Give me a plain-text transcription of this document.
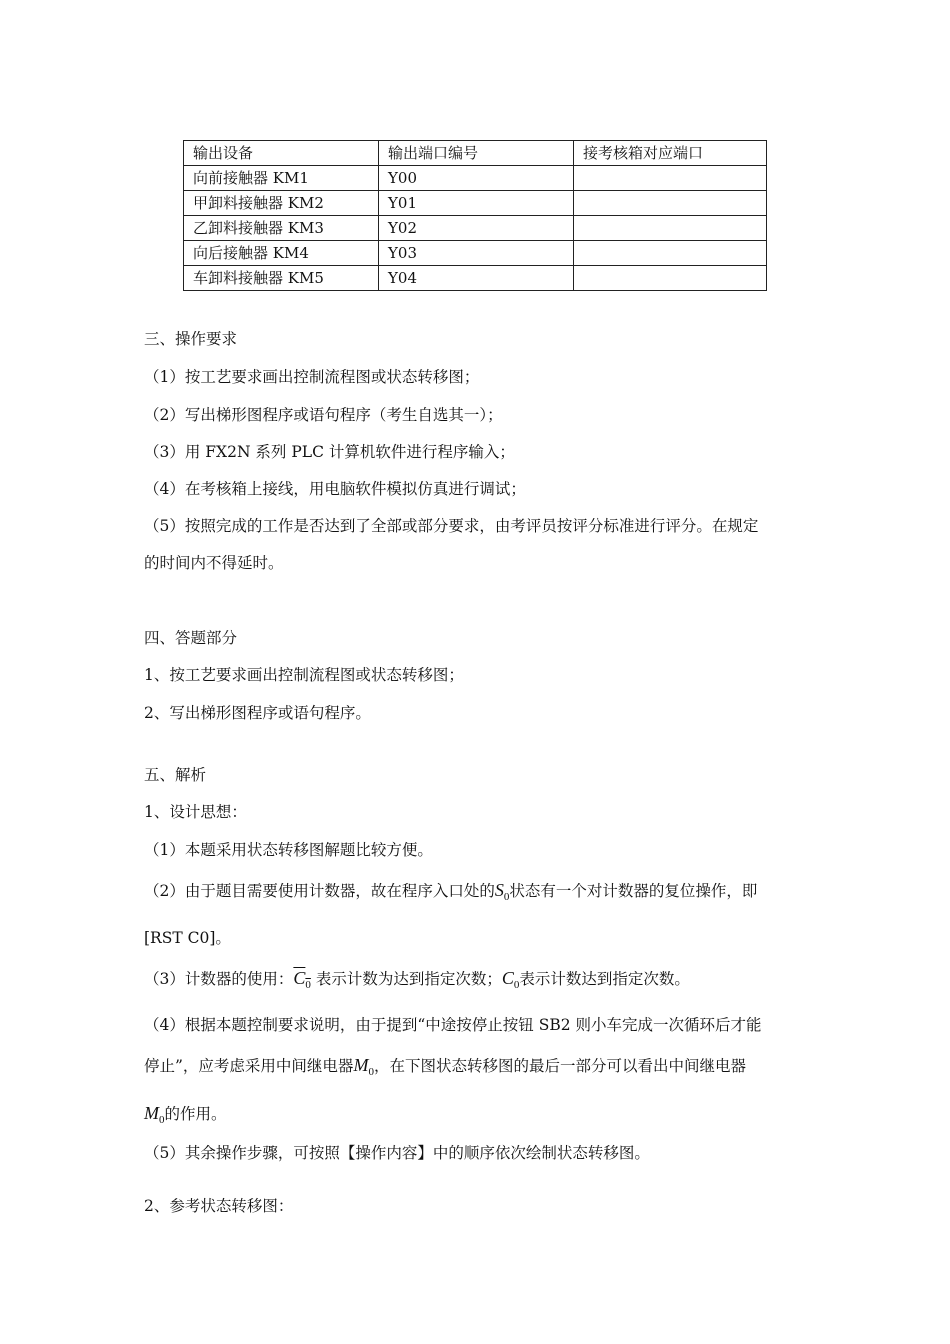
输出设备	输出端口编号	接考核箱对应端口
向前接触器 KM1	Y00	
甲卸料接触器 KM2	Y01	
乙卸料接触器 KM3	Y02	
向后接触器 KM4	Y03	
车卸料接触器 KM5	Y04	
三、操作要求
（1）按工艺要求画出控制流程图或状态转移图；
（2）写出梯形图程序或语句程序（考生自选其一）；
（3）用 FX2N 系列 PLC 计算机软件进行程序输入；
（4）在考核箱上接线，用电脑软件模拟仿真进行调试；
（5）按照完成的工作是否达到了全部或部分要求，由考评员按评分标准进行评分。在规定
的时间内不得延时。
四、答题部分
1、按工艺要求画出控制流程图或状态转移图；
2、写出梯形图程序或语句程序。
五、解析
1、设计思想：
（1）本题采用状态转移图解题比较方便。
（2）由于题目需要使用计数器，故在程序入口处的$S_0$状态有一个对计数器的复位操作，即
[RST C0]。
（3）计数器的使用：$C_0$ 表示计数为达到指定次数；$C_0$表示计数达到指定次数。
（4）根据本题控制要求说明，由于提到“中途按停止按钮 SB2 则小车完成一次循环后才能
停止”，应考虑采用中间继电器$M_0$，在下图状态转移图的最后一部分可以看出中间继电器
$M_0$的作用。
（5）其余操作步骤，可按照【操作内容】中的顺序依次绘制状态转移图。
2、参考状态转移图：
